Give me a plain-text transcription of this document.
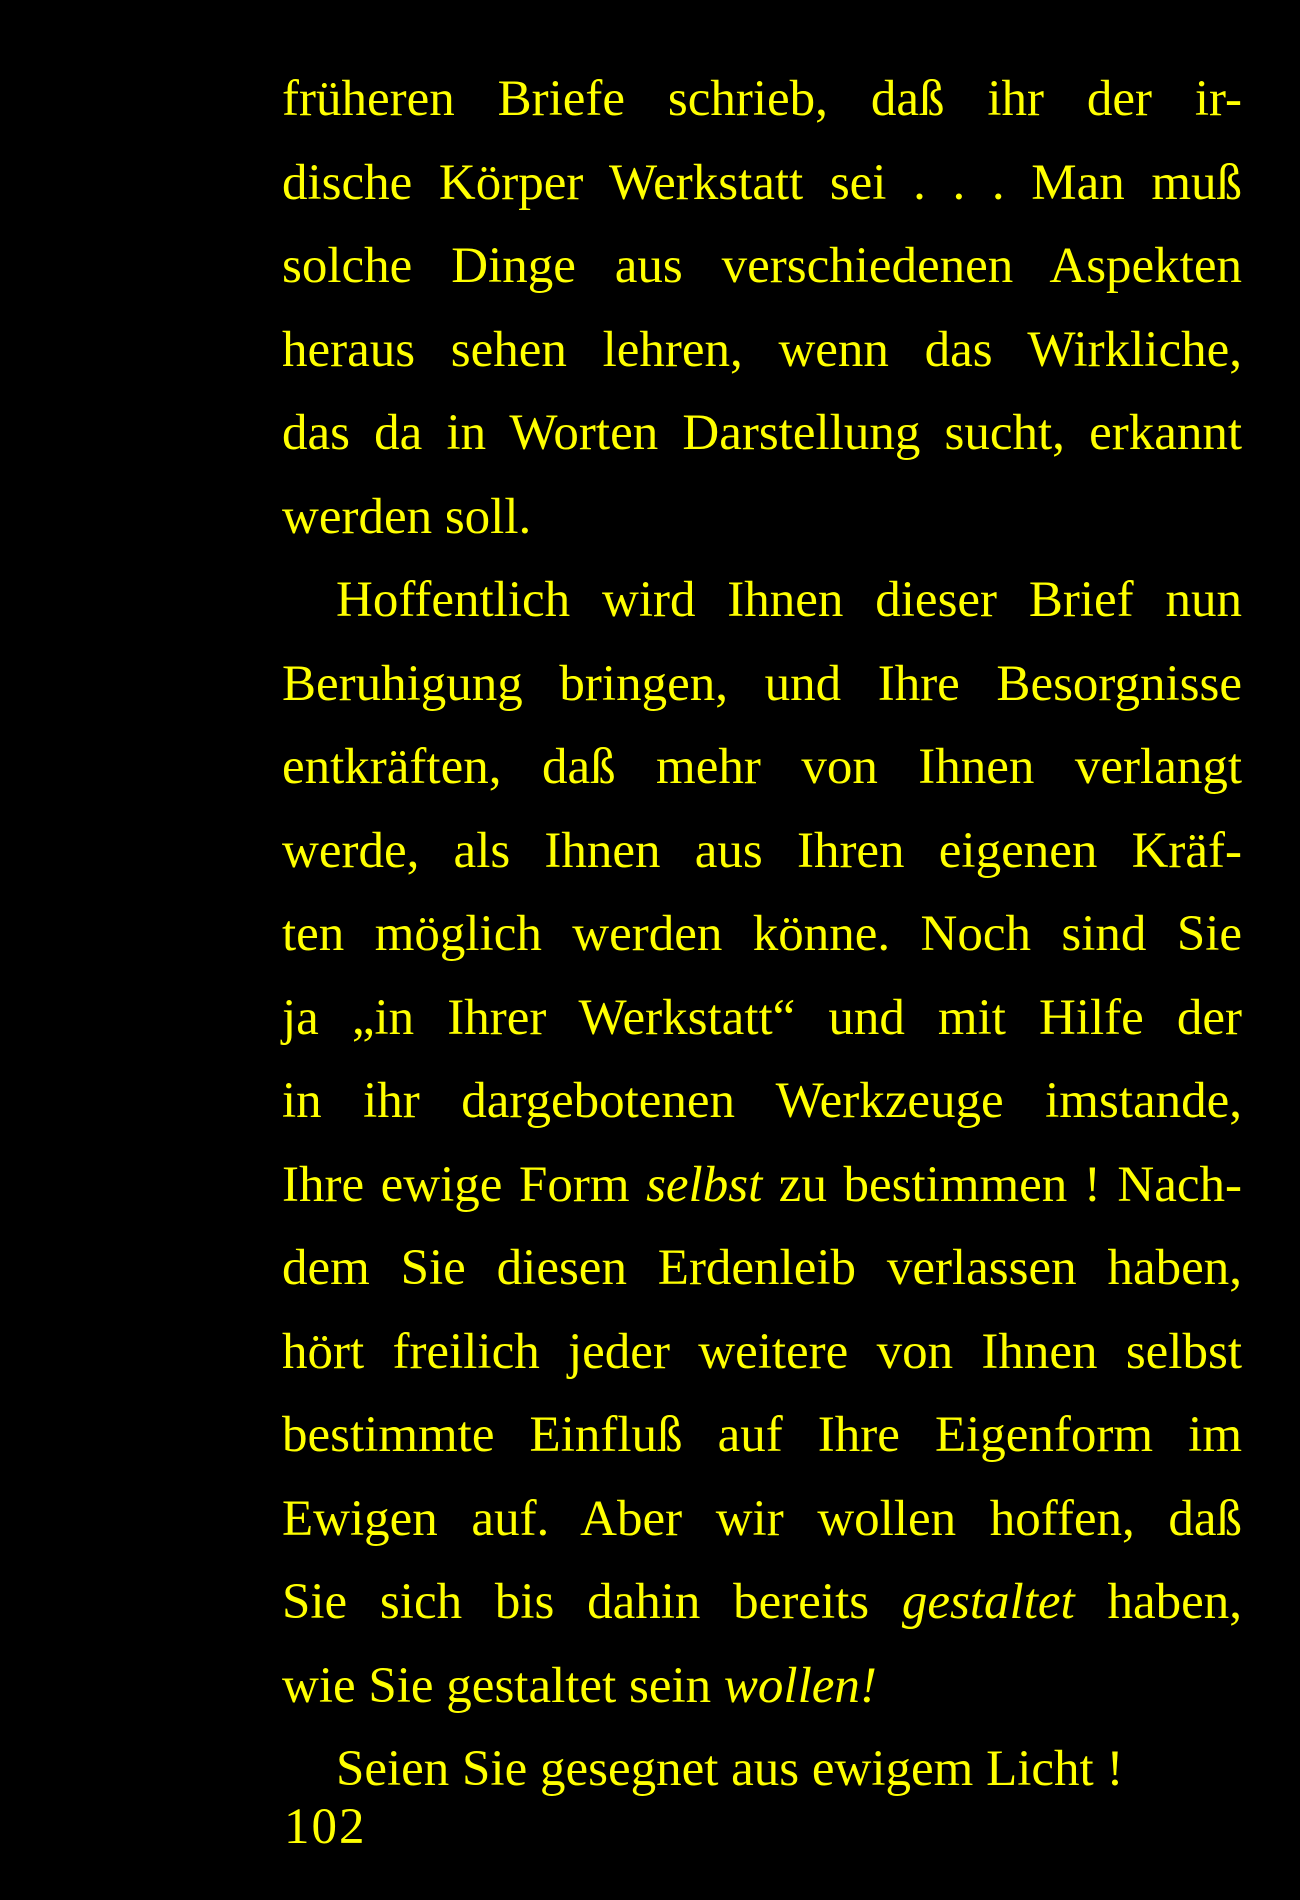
früheren Briefe schrieb, daß ihr der ir-
dische Körper Werkstatt sei . . . Man muß
solche Dinge aus verschiedenen Aspekten
heraus sehen lehren, wenn das Wirkliche,
das da in Worten Darstellung sucht, erkannt
werden soll.
Hoffentlich wird Ihnen dieser Brief nun
Beruhigung bringen, und Ihre Besorgnisse
entkräften, daß mehr von Ihnen verlangt
werde, als Ihnen aus Ihren eigenen Kräf-
ten möglich werden könne. Noch sind Sie
ja „in Ihrer Werkstatt“ und mit Hilfe der
in ihr dargebotenen Werkzeuge imstande,
Ihre ewige Form selbst zu bestimmen ! Nach-
dem Sie diesen Erdenleib verlassen haben,
hört freilich jeder weitere von Ihnen selbst
bestimmte Einfluß auf Ihre Eigenform im
Ewigen auf. Aber wir wollen hoffen, daß
Sie sich bis dahin bereits gestaltet haben,
wie Sie gestaltet sein wollen!
Seien Sie gesegnet aus ewigem Licht !
102
